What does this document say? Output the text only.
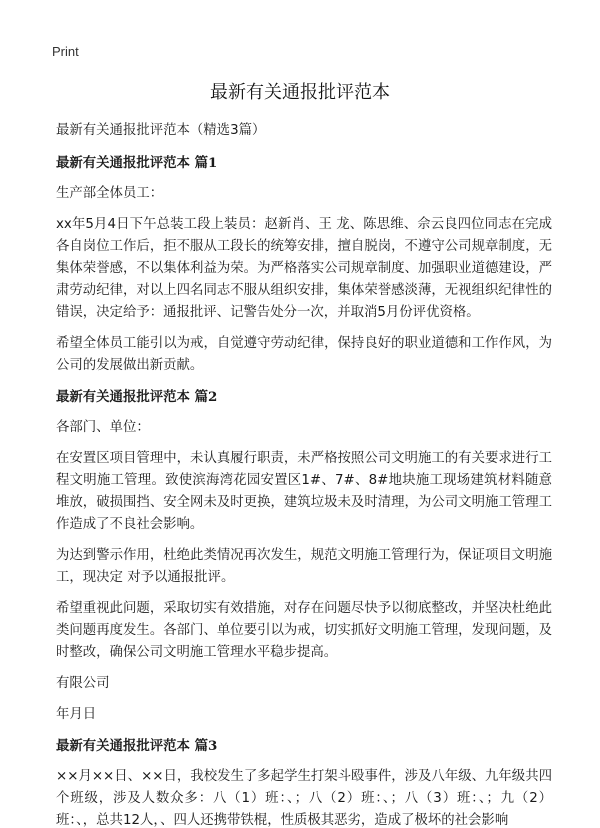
Print
最新有关通报批评范本

最新有关通报批评范本（精选3篇）

最新有关通报批评范本 篇1

生产部全体员工：

xx年5月4日下午总装工段上装员：赵新肖、王 龙、陈思维、佘云良四位同志在完成各自岗位工作后，拒不服从工段长的统筹安排，擅自脱岗，不遵守公司规章制度，无集体荣誉感，不以集体利益为荣。为严格落实公司规章制度、加强职业道德建设，严肃劳动纪律，对以上四名同志不服从组织安排，集体荣誉感淡薄，无视组织纪律性的错误，决定给予：通报批评、记警告处分一次，并取消5月份评优资格。

希望全体员工能引以为戒，自觉遵守劳动纪律，保持良好的职业道德和工作作风，为公司的发展做出新贡献。

最新有关通报批评范本 篇2

各部门、单位：

在安置区项目管理中，未认真履行职责，未严格按照公司文明施工的有关要求进行工程文明施工管理。致使滨海湾花园安置区1#、7#、8#地块施工现场建筑材料随意堆放，破损围挡、安全网未及时更换，建筑垃圾未及时清理，为公司文明施工管理工作造成了不良社会影响。

为达到警示作用，杜绝此类情况再次发生，规范文明施工管理行为，保证项目文明施工，现决定 对予以通报批评。

希望重视此问题，采取切实有效措施，对存在问题尽快予以彻底整改，并坚决杜绝此类问题再度发生。各部门、单位要引以为戒，切实抓好文明施工管理，发现问题，及时整改，确保公司文明施工管理水平稳步提高。

有限公司

年月日

最新有关通报批评范本 篇3

××月××日、××日，我校发生了多起学生打架斗殴事件，涉及八年级、九年级共四个班级，涉及人数众多：八（1）班：、；八（2）班：、；八（3）班：、；九（2）班：、，总共12人，、四人还携带铁棍，性质极其恶劣，造成了极坏的社会影响
